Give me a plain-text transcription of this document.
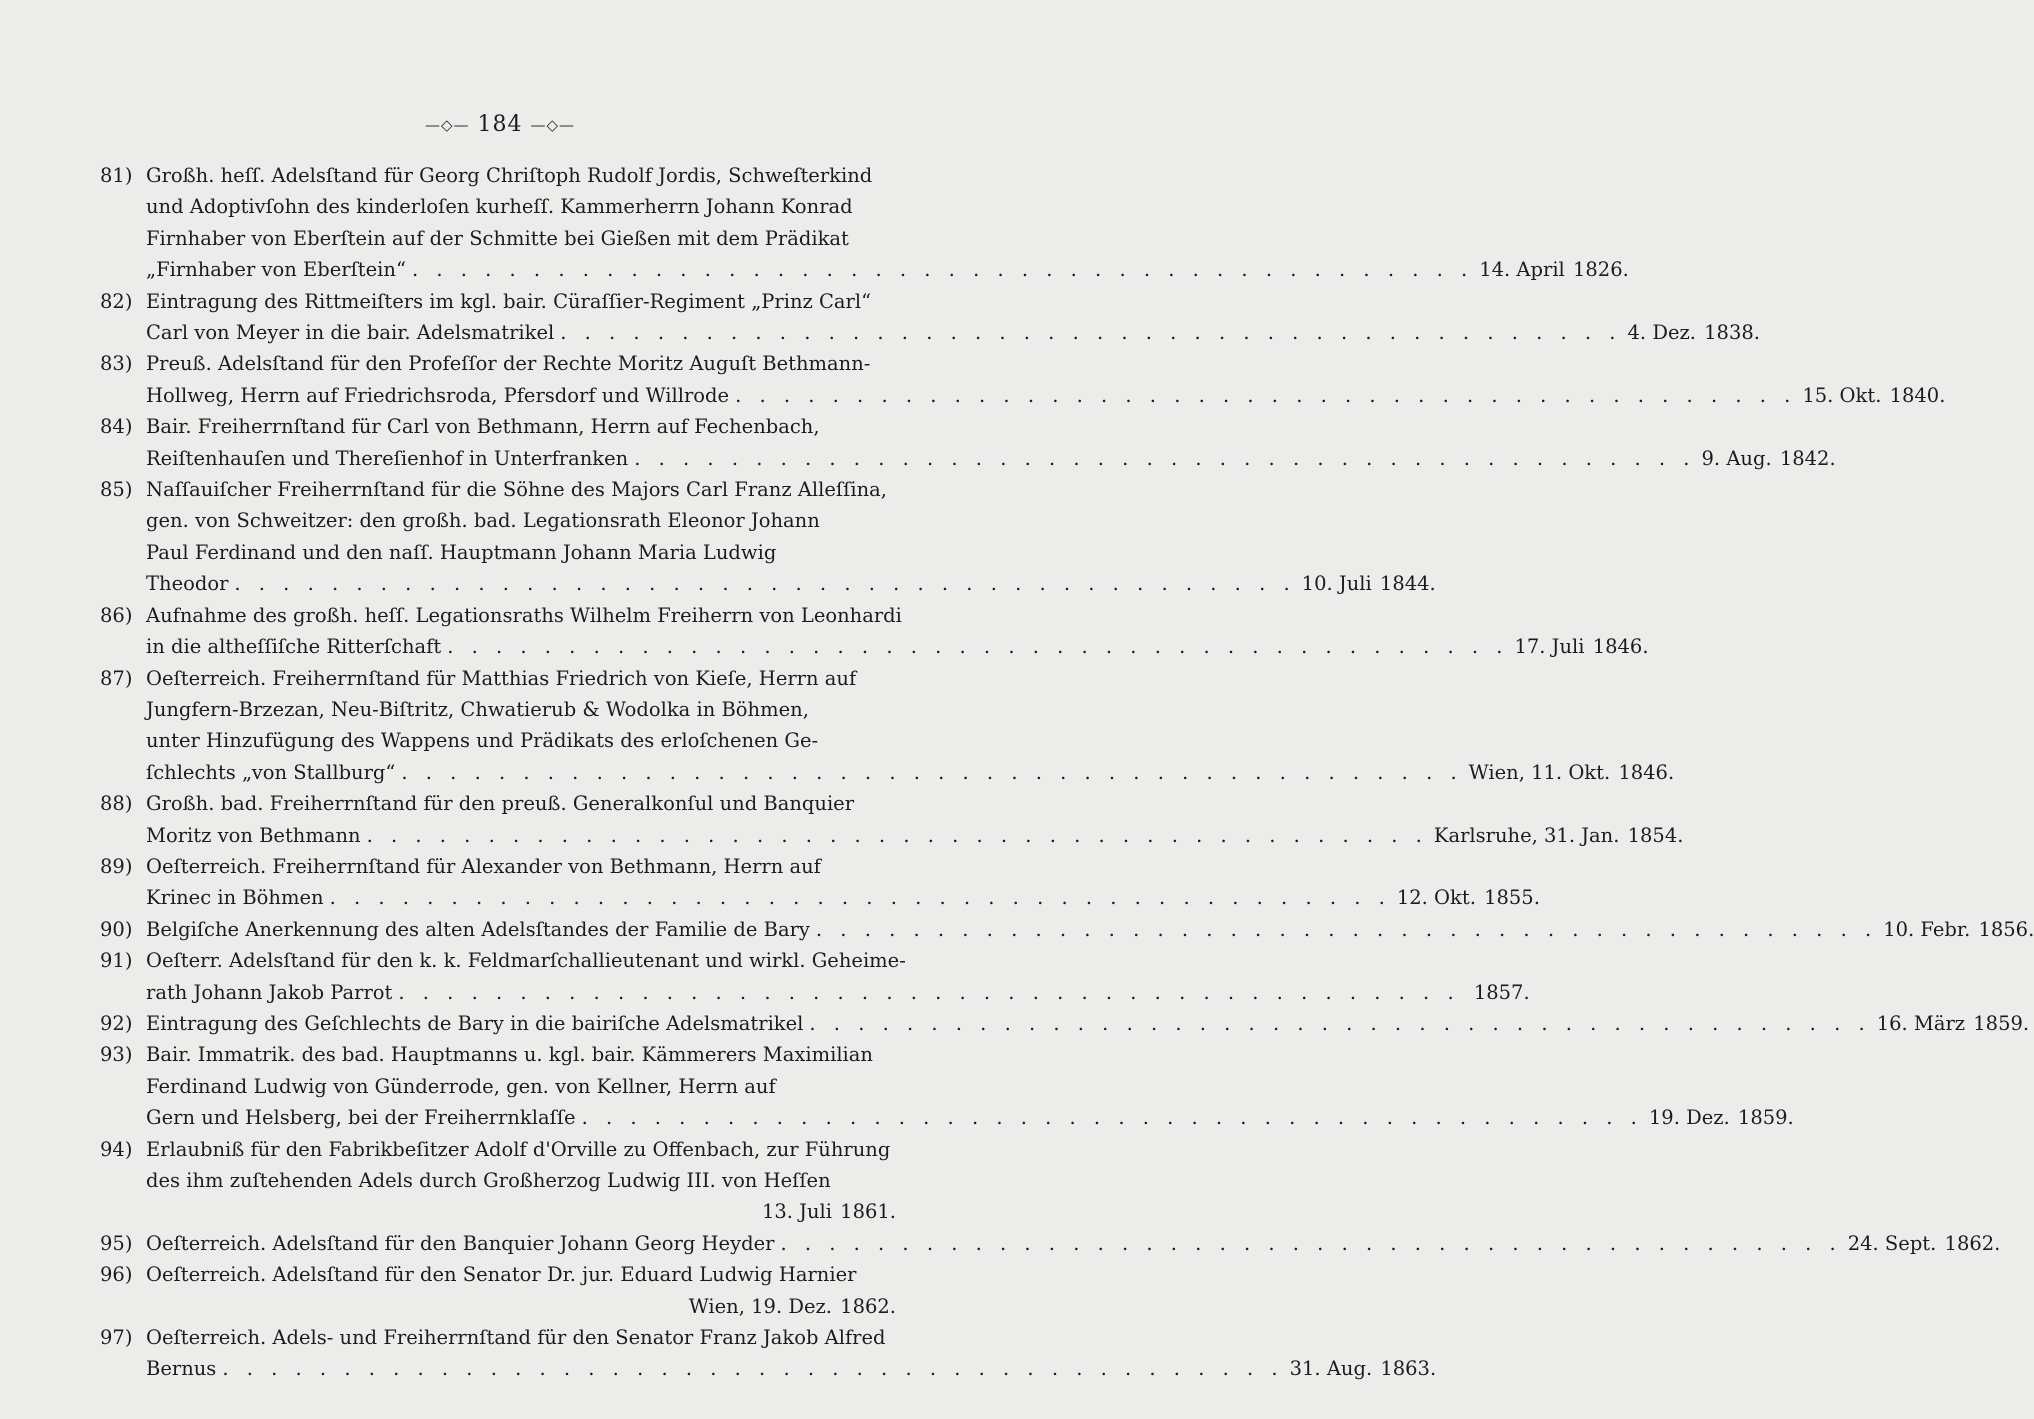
—◇— 184 —◇—
81) Großh. heſſ. Adelsſtand für Georg Chriſtoph Rudolf Jordis, Schweſterkind
und Adoptivſohn des kinderloſen kurheſſ. Kammerherrn Johann Konrad
Firnhaber von Eberſtein auf der Schmitte bei Gießen mit dem Prädikat
„Firnhaber von Eberſtein“ . . . . . . . . . . . . . . . . . . . . . . . . . . . . . . . . . . . . . . . . . . . . 14. April 1826.
82) Eintragung des Rittmeiſters im kgl. bair. Cüraſſier-Regiment „Prinz Carl“
Carl von Meyer in die bair. Adelsmatrikel . . . . . . . . . . . . . . . . . . . . . . . . . . . . . . . . . . . . . . . . . . . . 4. Dez. 1838.
83) Preuß. Adelsſtand für den Profeſſor der Rechte Moritz Auguſt Bethmann-
Hollweg, Herrn auf Friedrichsroda, Pfersdorf und Willrode . . . . . . . . . . . . . . . . . . . . . . . . . . . . . . . . . . . . . . . . . . . . 15. Okt. 1840.
84) Bair. Freiherrnſtand für Carl von Bethmann, Herrn auf Fechenbach,
Reiſtenhauſen und Thereſienhof in Unterfranken . . . . . . . . . . . . . . . . . . . . . . . . . . . . . . . . . . . . . . . . . . . . 9. Aug. 1842.
85) Naſſauiſcher Freiherrnſtand für die Söhne des Majors Carl Franz Alleſſina,
gen. von Schweitzer: den großh. bad. Legationsrath Eleonor Johann
Paul Ferdinand und den naſſ. Hauptmann Johann Maria Ludwig
Theodor . . . . . . . . . . . . . . . . . . . . . . . . . . . . . . . . . . . . . . . . . . . . 10. Juli 1844.
86) Aufnahme des großh. heſſ. Legationsraths Wilhelm Freiherrn von Leonhardi
in die altheſſiſche Ritterſchaft . . . . . . . . . . . . . . . . . . . . . . . . . . . . . . . . . . . . . . . . . . . . 17. Juli 1846.
87) Oeſterreich. Freiherrnſtand für Matthias Friedrich von Kieſe, Herrn auf
Jungfern-Brzezan, Neu-Biſtritz, Chwatierub & Wodolka in Böhmen,
unter Hinzufügung des Wappens und Prädikats des erloſchenen Ge-
ſchlechts „von Stallburg“ . . . . . . . . . . . . . . . . . . . . . . . . . . . . . . . . . . . . . . . . . . . . Wien, 11. Okt. 1846.
88) Großh. bad. Freiherrnſtand für den preuß. Generalkonſul und Banquier
Moritz von Bethmann . . . . . . . . . . . . . . . . . . . . . . . . . . . . . . . . . . . . . . . . . . . . Karlsruhe, 31. Jan. 1854.
89) Oeſterreich. Freiherrnſtand für Alexander von Bethmann, Herrn auf
Krinec in Böhmen . . . . . . . . . . . . . . . . . . . . . . . . . . . . . . . . . . . . . . . . . . . . 12. Okt. 1855.
90) Belgiſche Anerkennung des alten Adelsſtandes der Familie de Bary . . . . . . . . . . . . . . . . . . . . . . . . . . . . . . . . . . . . . . . . . . . . 10. Febr. 1856.
91) Oeſterr. Adelsſtand für den k. k. Feldmarſchallieutenant und wirkl. Geheime-
rath Johann Jakob Parrot . . . . . . . . . . . . . . . . . . . . . . . . . . . . . . . . . . . . . . . . . . . . 1857.
92) Eintragung des Geſchlechts de Bary in die bairiſche Adelsmatrikel . . . . . . . . . . . . . . . . . . . . . . . . . . . . . . . . . . . . . . . . . . . . 16. März 1859.
93) Bair. Immatrik. des bad. Hauptmanns u. kgl. bair. Kämmerers Maximilian
Ferdinand Ludwig von Günderrode, gen. von Kellner, Herrn auf
Gern und Helsberg, bei der Freiherrnklaſſe . . . . . . . . . . . . . . . . . . . . . . . . . . . . . . . . . . . . . . . . . . . . 19. Dez. 1859.
94) Erlaubniß für den Fabrikbeſitzer Adolf d'Orville zu Offenbach, zur Führung
des ihm zuſtehenden Adels durch Großherzog Ludwig III. von Heſſen
13. Juli 1861.
95) Oeſterreich. Adelsſtand für den Banquier Johann Georg Heyder . . . . . . . . . . . . . . . . . . . . . . . . . . . . . . . . . . . . . . . . . . . . 24. Sept. 1862.
96) Oeſterreich. Adelsſtand für den Senator Dr. jur. Eduard Ludwig Harnier
Wien, 19. Dez. 1862.
97) Oeſterreich. Adels- und Freiherrnſtand für den Senator Franz Jakob Alfred
Bernus . . . . . . . . . . . . . . . . . . . . . . . . . . . . . . . . . . . . . . . . . . . . 31. Aug. 1863.
